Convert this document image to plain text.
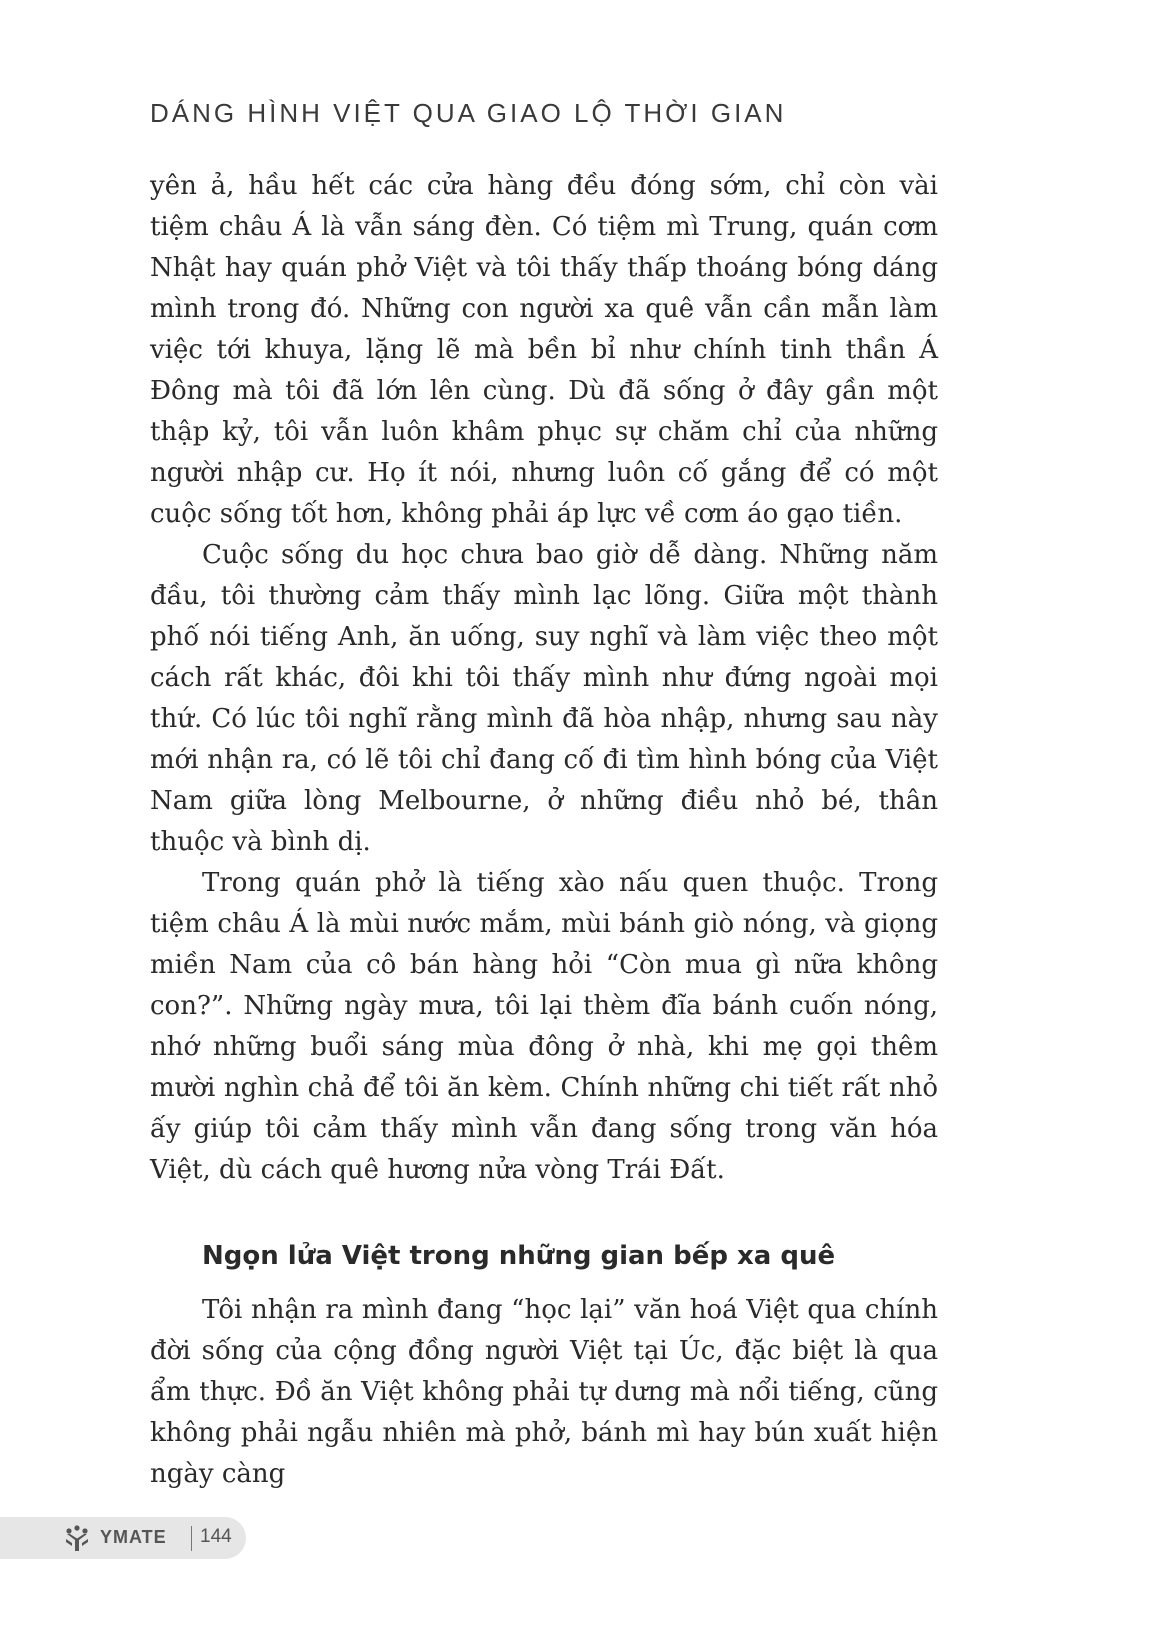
DÁNG HÌNH VIỆT QUA GIAO LỘ THỜI GIAN

yên ả, hầu hết các cửa hàng đều đóng sớm, chỉ còn vài tiệm châu Á là vẫn sáng đèn. Có tiệm mì Trung, quán cơm Nhật hay quán phở Việt và tôi thấy thấp thoáng bóng dáng mình trong đó. Những con người xa quê vẫn cần mẫn làm việc tới khuya, lặng lẽ mà bền bỉ như chính tinh thần Á Đông mà tôi đã lớn lên cùng. Dù đã sống ở đây gần một thập kỷ, tôi vẫn luôn khâm phục sự chăm chỉ của những người nhập cư. Họ ít nói, nhưng luôn cố gắng để có một cuộc sống tốt hơn, không phải áp lực về cơm áo gạo tiền.

Cuộc sống du học chưa bao giờ dễ dàng. Những năm đầu, tôi thường cảm thấy mình lạc lõng. Giữa một thành phố nói tiếng Anh, ăn uống, suy nghĩ và làm việc theo một cách rất khác, đôi khi tôi thấy mình như đứng ngoài mọi thứ. Có lúc tôi nghĩ rằng mình đã hòa nhập, nhưng sau này mới nhận ra, có lẽ tôi chỉ đang cố đi tìm hình bóng của Việt Nam giữa lòng Melbourne, ở những điều nhỏ bé, thân thuộc và bình dị.

Trong quán phở là tiếng xào nấu quen thuộc. Trong tiệm châu Á là mùi nước mắm, mùi bánh giò nóng, và giọng miền Nam của cô bán hàng hỏi “Còn mua gì nữa không con?”. Những ngày mưa, tôi lại thèm đĩa bánh cuốn nóng, nhớ những buổi sáng mùa đông ở nhà, khi mẹ gọi thêm mười nghìn chả để tôi ăn kèm. Chính những chi tiết rất nhỏ ấy giúp tôi cảm thấy mình vẫn đang sống trong văn hóa Việt, dù cách quê hương nửa vòng Trái Đất.

Ngọn lửa Việt trong những gian bếp xa quê

Tôi nhận ra mình đang “học lại” văn hoá Việt qua chính đời sống của cộng đồng người Việt tại Úc, đặc biệt là qua ẩm thực. Đồ ăn Việt không phải tự dưng mà nổi tiếng, cũng không phải ngẫu nhiên mà phở, bánh mì hay bún xuất hiện ngày càng

YMATE 144
